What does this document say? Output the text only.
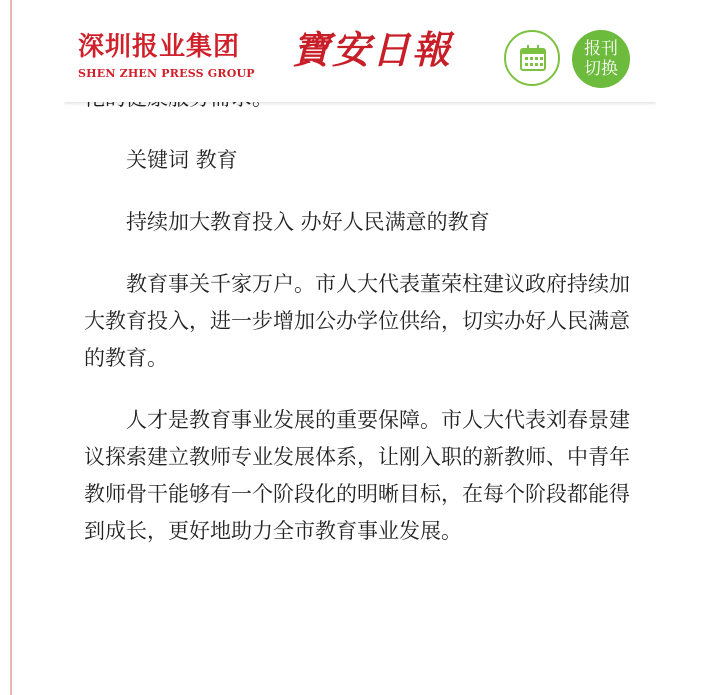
深圳报业集团
SHEN ZHEN PRESS GROUP
寶安日報	报刊
切换

关键词 教育

持续加大教育投入 办好人民满意的教育

教育事关千家万户。市人大代表董荣柱建议政府持续加大教育投入，进一步增加公办学位供给，切实办好人民满意的教育。

人才是教育事业发展的重要保障。市人大代表刘春景建议探索建立教师专业发展体系，让刚入职的新教师、中青年教师骨干能够有一个阶段化的明晰目标，在每个阶段都能得到成长，更好地助力全市教育事业发展。
